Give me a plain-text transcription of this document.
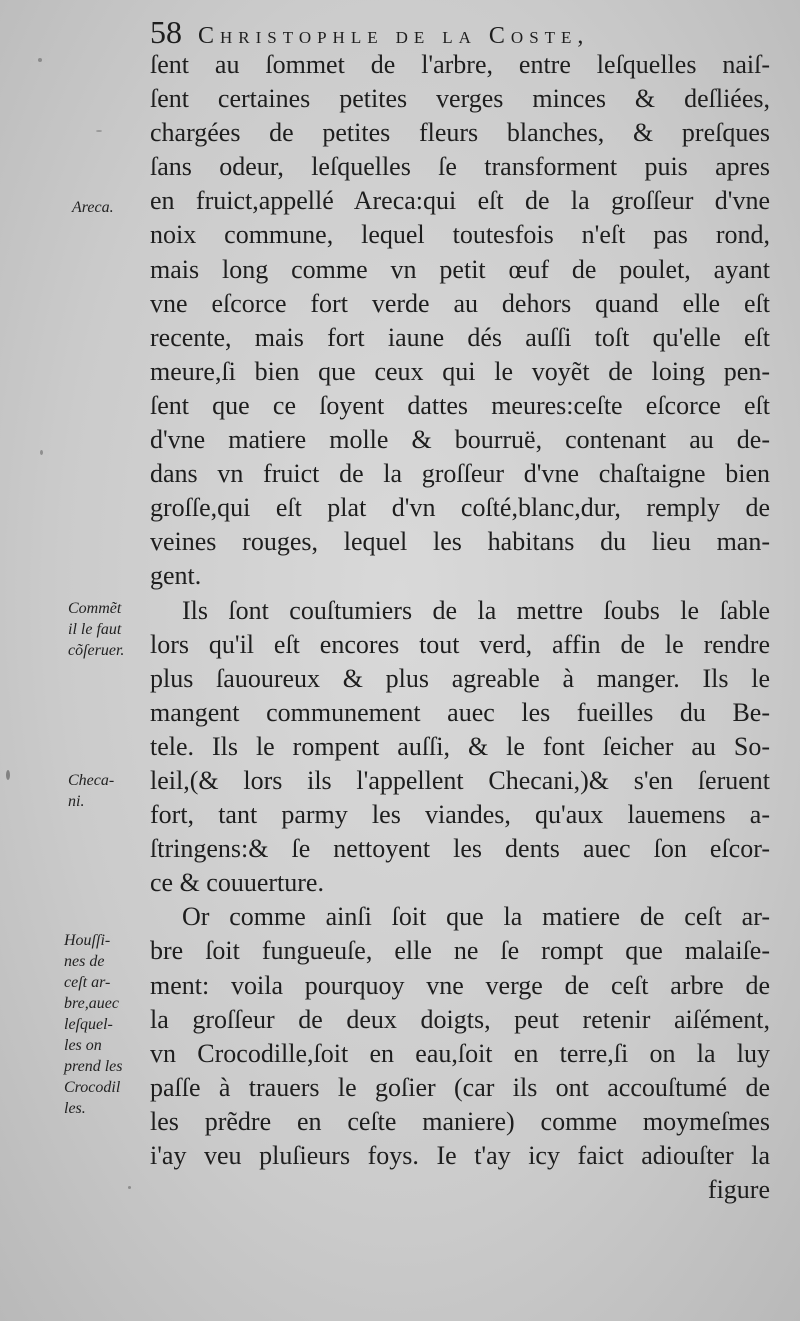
58 Christophle de la Coste,
ſent au ſommet de l'arbre, entre leſquelles naiſ-
ſent certaines petites verges minces & deſliées,
chargées de petites fleurs blanches, & preſques
ſans odeur, leſquelles ſe transforment puis apres
en fruict,appellé Areca:qui eſt de la groſſeur d'vne
noix commune, lequel toutesfois n'eſt pas rond,
mais long comme vn petit œuf de poulet, ayant
vne eſcorce fort verde au dehors quand elle eſt
recente, mais fort iaune dés auſſi toſt qu'elle eſt
meure,ſi bien que ceux qui le voyẽt de loing pen-
ſent que ce ſoyent dattes meures:ceſte eſcorce eſt
d'vne matiere molle & bourruë, contenant au de-
dans vn fruict de la groſſeur d'vne chaſtaigne bien
groſſe,qui eſt plat d'vn coſté,blanc,dur, remply de
veines rouges, lequel les habitans du lieu man-
gent.
Ils ſont couſtumiers de la mettre ſoubs le ſable
lors qu'il eſt encores tout verd, affin de le rendre
plus ſauoureux & plus agreable à manger. Ils le
mangent communement auec les fueilles du Be-
tele. Ils le rompent auſſi, & le font ſeicher au So-
leil,(& lors ils l'appellent Checani,)& s'en ſeruent
fort, tant parmy les viandes, qu'aux lauemens a-
ſtringens:& ſe nettoyent les dents auec ſon eſcor-
ce & couuerture.
Or comme ainſi ſoit que la matiere de ceſt ar-
bre ſoit fungueuſe, elle ne ſe rompt que malaiſe-
ment: voila pourquoy vne verge de ceſt arbre de
la groſſeur de deux doigts, peut retenir aiſément,
vn Crocodille,ſoit en eau,ſoit en terre,ſi on la luy
paſſe à trauers le goſier (car ils ont accouſtumé de
les prẽdre en ceſte maniere) comme moymeſmes
i'ay veu pluſieurs foys. Ie t'ay icy faict adiouſter la
figure
Areca.
Commẽt
il le faut
cõſeruer.
Checa-
ni.
Houſſi-
nes de
ceſt ar-
bre,auec
leſquel-
les on
prend les
Crocodil
les.
